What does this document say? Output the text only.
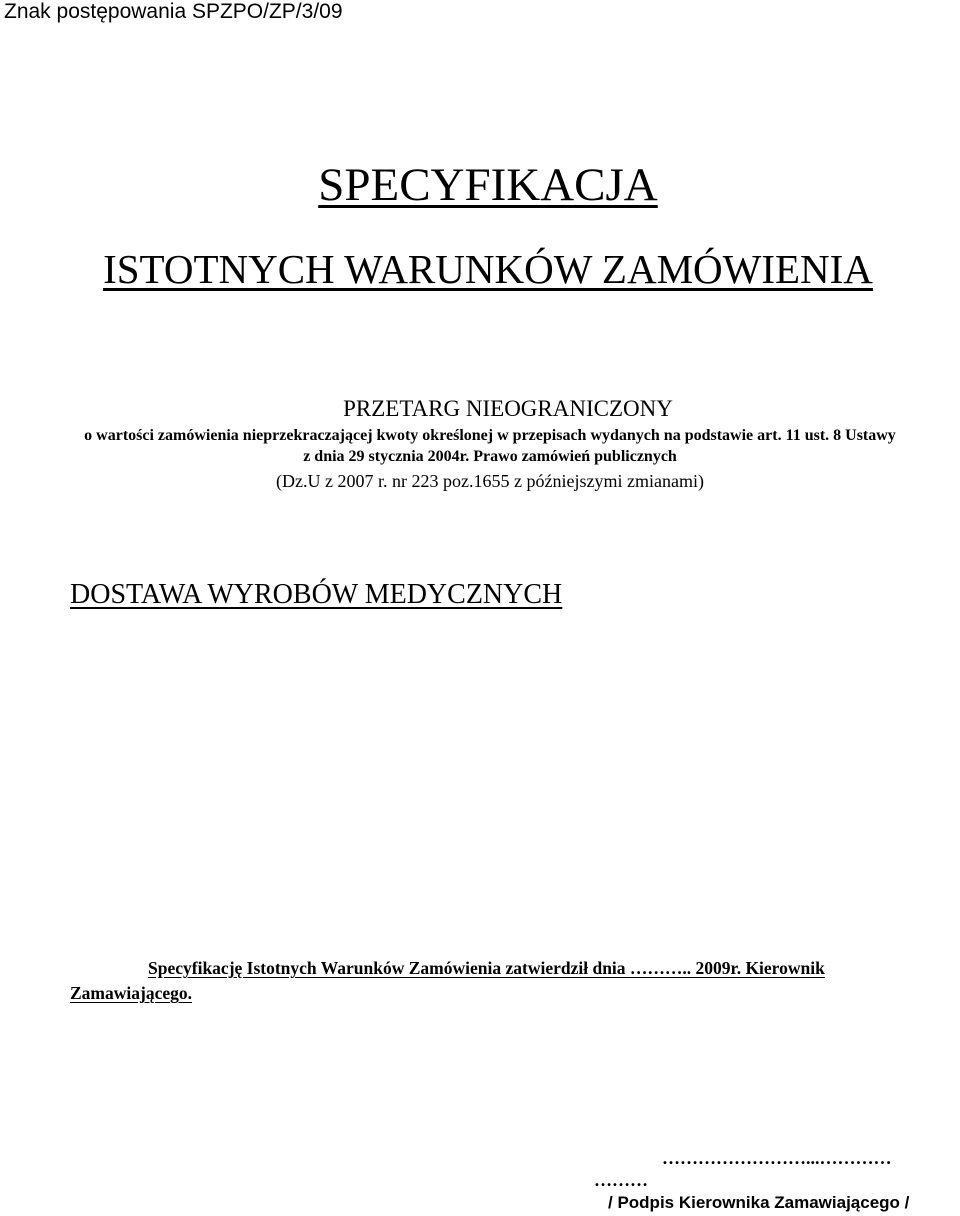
Znak postępowania SPZPO/ZP/3/09
SPECYFIKACJA
ISTOTNYCH WARUNKÓW ZAMÓWIENIA
PRZETARG NIEOGRANICZONY
o wartości zamówienia nieprzekraczającej kwoty określonej w przepisach wydanych na podstawie art. 11 ust. 8 Ustawy
z dnia 29 stycznia 2004r. Prawo zamówień publicznych
(Dz.U z 2007 r. nr 223 poz.1655 z późniejszymi zmianami)
DOSTAWA WYROBÓW MEDYCZNYCH
Specyfikację Istotnych Warunków Zamówienia zatwierdził dnia ……….. 2009r. Kierownik
Zamawiającego.
……………………...…………
………
/ Podpis Kierownika Zamawiającego /
